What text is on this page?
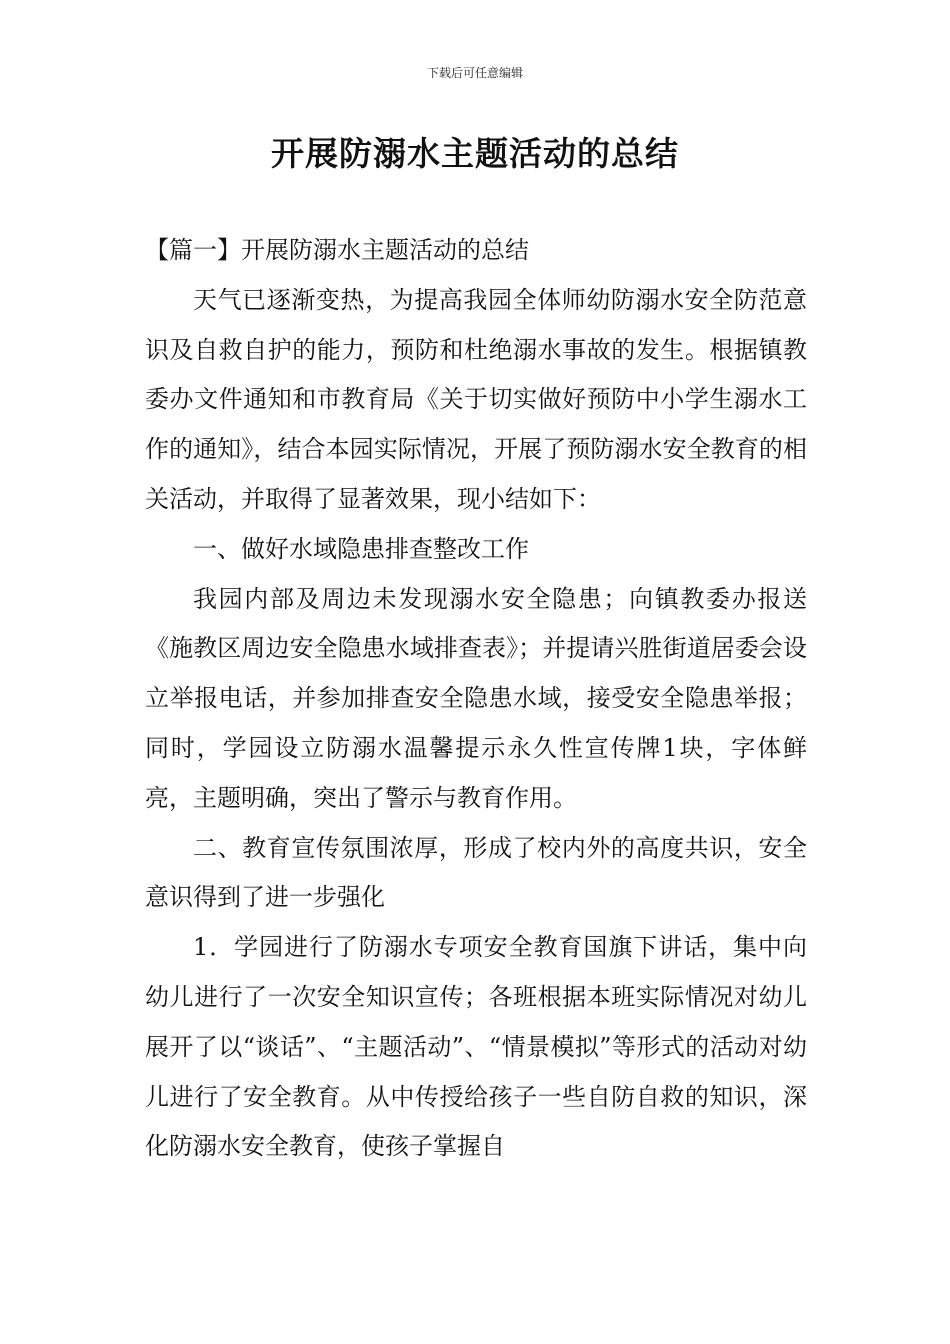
下载后可任意编辑
开展防溺水主题活动的总结

【篇一】开展防溺水主题活动的总结

天气已逐渐变热，为提高我园全体师幼防溺水安全防范意识及自救自护的能力，预防和杜绝溺水事故的发生。根据镇教委办文件通知和市教育局《关于切实做好预防中小学生溺水工作的通知》，结合本园实际情况，开展了预防溺水安全教育的相关活动，并取得了显著效果，现小结如下：

一、做好水域隐患排查整改工作

我园内部及周边未发现溺水安全隐患；向镇教委办报送《施教区周边安全隐患水域排查表》；并提请兴胜街道居委会设立举报电话，并参加排查安全隐患水域，接受安全隐患举报；同时，学园设立防溺水温馨提示永久性宣传牌1块，字体鲜亮，主题明确，突出了警示与教育作用。

二、教育宣传氛围浓厚，形成了校内外的高度共识，安全意识得到了进一步强化

1．学园进行了防溺水专项安全教育国旗下讲话，集中向幼儿进行了一次安全知识宣传；各班根据本班实际情况对幼儿展开了以“谈话”、“主题活动”、“情景模拟”等形式的活动对幼儿进行了安全教育。从中传授给孩子一些自防自救的知识，深化防溺水安全教育，使孩子掌握自
